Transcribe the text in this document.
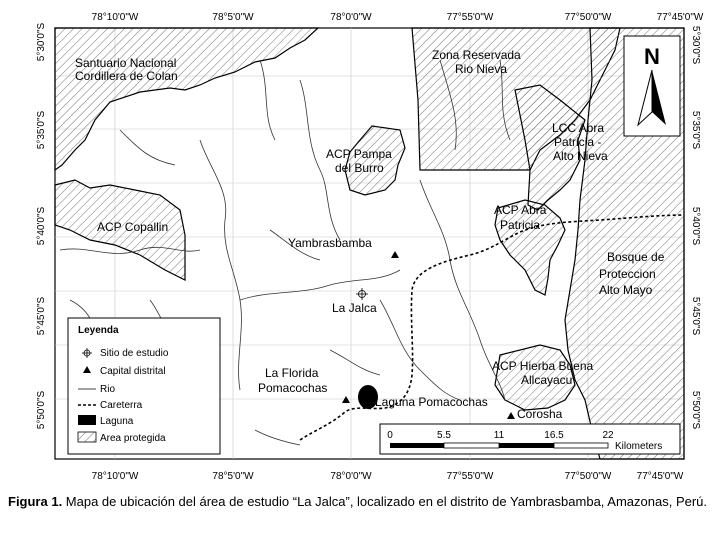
Santuario Nacional
Cordillera de Colan
Zona Reservada
Rio Nieva
LCC Abra
Patricia -
Alto Nieva
ACP Pampa
del Burro
ACP Copallin
ACP Abra
Patricia
Bosque de
Proteccion
Alto Mayo
ACP Hierba Buena
Allcayacu
Yambrasbamba
La Jalca
La Florida
Pomacochas
Laguna Pomacochas
Corosha
78°10'0"W	78°5'0"W	78°0'0"W	77°55'0"W	77°50'0"W	77°45'0"W
78°10'0"W	78°5'0"W	78°0'0"W	77°55'0"W	77°50'0"W	77°45'0"W
5°30'0"S
5°35'0"S
5°40'0"S
5°45'0"S
5°50'0"S
5°30'0"S
5°35'0"S
5°40'0"S
5°45'0"S
5°50'0"S
N
Leyenda
Sitio de estudio
Capital distrital
Rio
Careterra
Laguna
Area protegida	0	5.5	11	16.5	22
Kilometers
Figura 1. Mapa de ubicación del área de estudio “La Jalca”, localizado en el distrito de Yambrasbamba, Amazonas, Perú.
